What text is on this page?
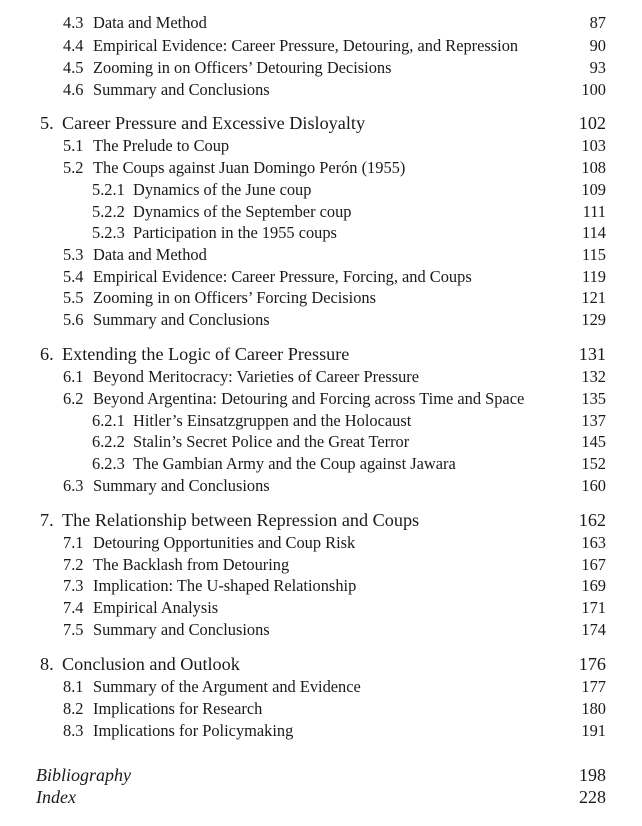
4.3 Data and Method	87
4.4 Empirical Evidence: Career Pressure, Detouring, and Repression	90
4.5 Zooming in on Officers’ Detouring Decisions	93
4.6 Summary and Conclusions	100
5. Career Pressure and Excessive Disloyalty	102
5.1 The Prelude to Coup	103
5.2 The Coups against Juan Domingo Perón (1955)	108
5.2.1 Dynamics of the June coup	109
5.2.2 Dynamics of the September coup	111
5.2.3 Participation in the 1955 coups	114
5.3 Data and Method	115
5.4 Empirical Evidence: Career Pressure, Forcing, and Coups	119
5.5 Zooming in on Officers’ Forcing Decisions	121
5.6 Summary and Conclusions	129
6. Extending the Logic of Career Pressure	131
6.1 Beyond Meritocracy: Varieties of Career Pressure	132
6.2 Beyond Argentina: Detouring and Forcing across Time and Space	135
6.2.1 Hitler’s Einsatzgruppen and the Holocaust	137
6.2.2 Stalin’s Secret Police and the Great Terror	145
6.2.3 The Gambian Army and the Coup against Jawara	152
6.3 Summary and Conclusions	160
7. The Relationship between Repression and Coups	162
7.1 Detouring Opportunities and Coup Risk	163
7.2 The Backlash from Detouring	167
7.3 Implication: The U-shaped Relationship	169
7.4 Empirical Analysis	171
7.5 Summary and Conclusions	174
8. Conclusion and Outlook	176
8.1 Summary of the Argument and Evidence	177
8.2 Implications for Research	180
8.3 Implications for Policymaking	191
Bibliography	198
Index	228
